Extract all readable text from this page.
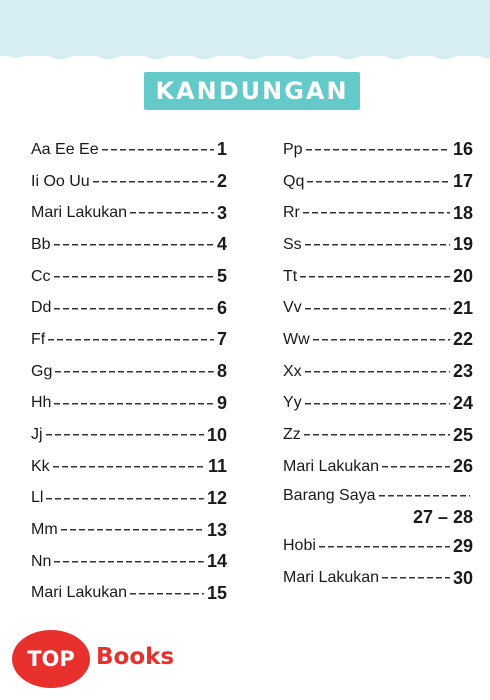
KANDUNGAN
Aa Ee Ee	1
Ii Oo Uu	2
Mari Lakukan	3
Bb	4
Cc	5
Dd	6
Ff	7
Gg	8
Hh	9
Jj	10
Kk	11
Ll	12
Mm	13
Nn	14
Mari Lakukan	15
Pp	16
Qq	17
Rr	18
Ss	19
Tt	20
Vv	21
Ww	22
Xx	23
Yy	24
Zz	25
Mari Lakukan	26
Barang Saya
27 – 28
Hobi	29
Mari Lakukan	30
TOP Books
